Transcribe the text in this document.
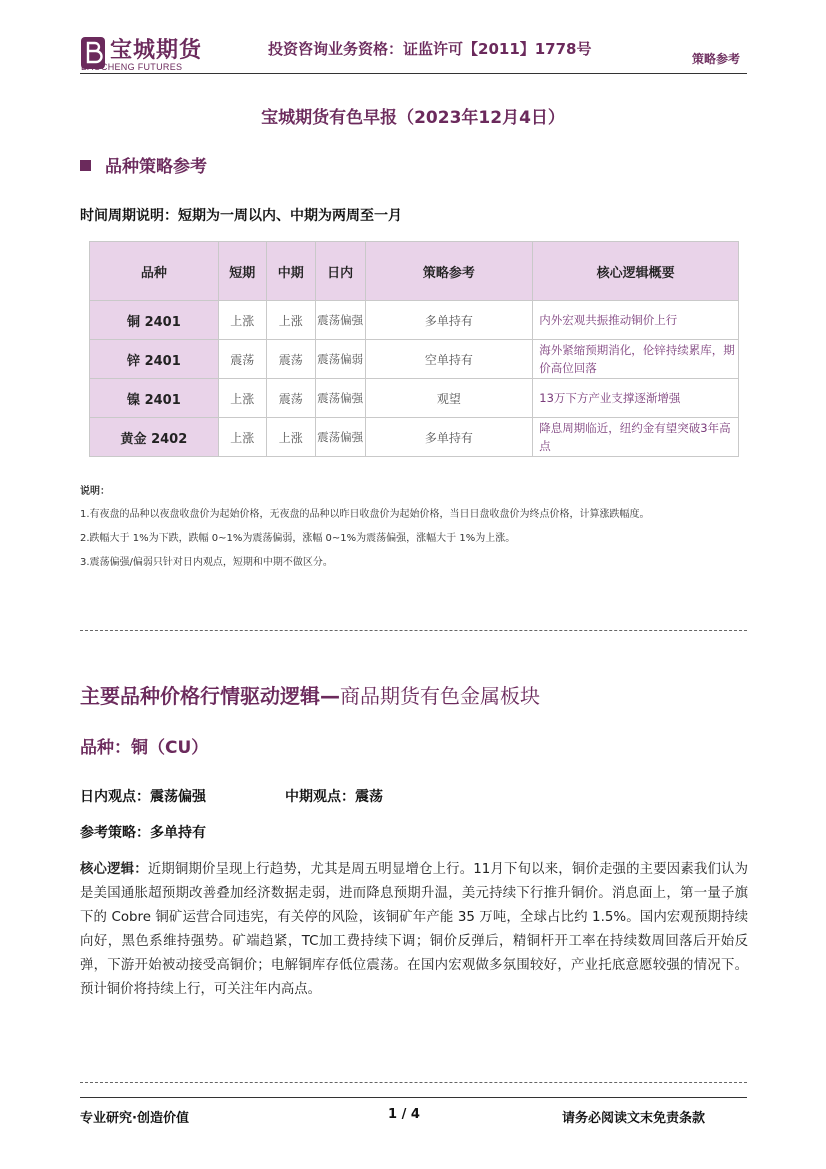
宝城期货
BAOCHENG FUTURES
投资咨询业务资格：证监许可【2011】1778号
策略参考
宝城期货有色早报（2023年12月4日）
品种策略参考
时间周期说明：短期为一周以内、中期为两周至一月
品种	短期	中期	日内	策略参考	核心逻辑概要
铜 2401	上涨	上涨	震荡偏强	多单持有	内外宏观共振推动铜价上行
锌 2401	震荡	震荡	震荡偏弱	空单持有	海外紧缩预期消化，伦锌持续累库，期价高位回落
镍 2401	上涨	震荡	震荡偏强	观望	13万下方产业支撑逐渐增强
黄金 2402	上涨	上涨	震荡偏强	多单持有	降息周期临近，纽约金有望突破3年高点
说明：

1.有夜盘的品种以夜盘收盘价为起始价格，无夜盘的品种以昨日收盘价为起始价格，当日日盘收盘价为终点价格，计算涨跌幅度。

2.跌幅大于 1%为下跌，跌幅 0~1%为震荡偏弱，涨幅 0~1%为震荡偏强，涨幅大于 1%为上涨。

3.震荡偏强/偏弱只针对日内观点，短期和中期不做区分。

主要品种价格行情驱动逻辑—商品期货有色金属板块
品种：铜（CU）
日内观点：震荡偏强	中期观点：震荡
参考策略：多单持有
核心逻辑：近期铜期价呈现上行趋势，尤其是周五明显增仓上行。11月下旬以来，铜价走强的主要因素我们认为是美国通胀超预期改善叠加经济数据走弱，进而降息预期升温，美元持续下行推升铜价。消息面上，第一量子旗下的 Cobre 铜矿运营合同违宪，有关停的风险，该铜矿年产能 35 万吨，全球占比约 1.5%。国内宏观预期持续向好，黑色系维持强势。矿端趋紧，TC加工费持续下调；铜价反弹后，精铜杆开工率在持续数周回落后开始反弹，下游开始被动接受高铜价；电解铜库存低位震荡。在国内宏观做多氛围较好，产业托底意愿较强的情况下。预计铜价将持续上行，可关注年内高点。
专业研究·创造价值	1 / 4	请务必阅读文末免责条款
